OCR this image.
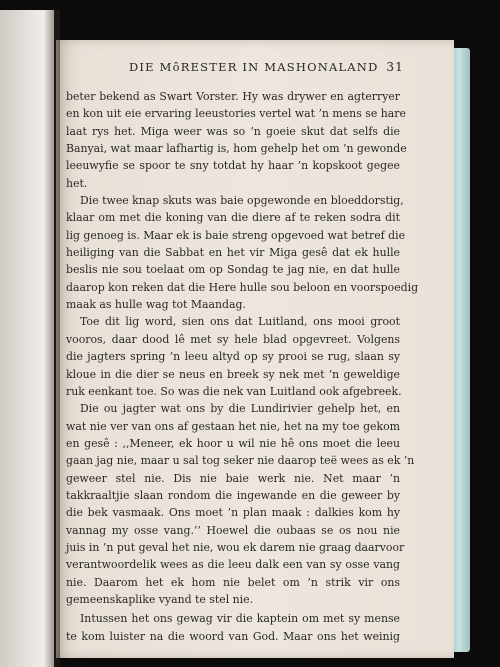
DIE MôRESTER IN MASHONALAND 31
beter bekend as Swart Vorster. Hy was drywer en agterryer
en kon uit eie ervaring leeustories vertel wat ’n mens se hare
laat rys het. Miga weer was so ’n goeie skut dat selfs die
Banyai, wat maar lafhartig is, hom gehelp het om ’n gewonde
leeuwyfie se spoor te sny totdat hy haar ’n kopskoot gegee
het.
Die twee knap skuts was baie opgewonde en bloeddorstig,
klaar om met die koning van die diere af te reken sodra dit
lig genoeg is. Maar ek is baie streng opgevoed wat betref die
heiliging van die Sabbat en het vir Miga gesê dat ek hulle
beslis nie sou toelaat om op Sondag te jag nie, en dat hulle
daarop kon reken dat die Here hulle sou beloon en voorspoedig
maak as hulle wag tot Maandag.
Toe dit lig word, sien ons dat Luitland, ons mooi groot
vooros, daar dood lê met sy hele blad opgevreet. Volgens
die jagters spring ’n leeu altyd op sy prooi se rug, slaan sy
kloue in die dier se neus en breek sy nek met ’n geweldige
ruk eenkant toe. So was die nek van Luitland ook afgebreek.
Die ou jagter wat ons by die Lundirivier gehelp het, en
wat nie ver van ons af gestaan het nie, het na my toe gekom
en gesê : ,,Meneer, ek hoor u wil nie hê ons moet die leeu
gaan jag nie, maar u sal tog seker nie daarop teë wees as ek ’n
geweer stel nie. Dis nie baie werk nie. Net maar ’n
takkraaltjie slaan rondom die ingewande en die geweer by
die bek vasmaak. Ons moet ’n plan maak : dalkies kom hy
vannag my osse vang.’’ Hoewel die oubaas se os nou nie
juis in ’n put geval het nie, wou ek darem nie graag daarvoor
verantwoordelik wees as die leeu dalk een van sy osse vang
nie. Daarom het ek hom nie belet om ’n strik vir ons
gemeenskaplike vyand te stel nie.
Intussen het ons gewag vir die kaptein om met sy mense
te kom luister na die woord van God. Maar ons het weinig
